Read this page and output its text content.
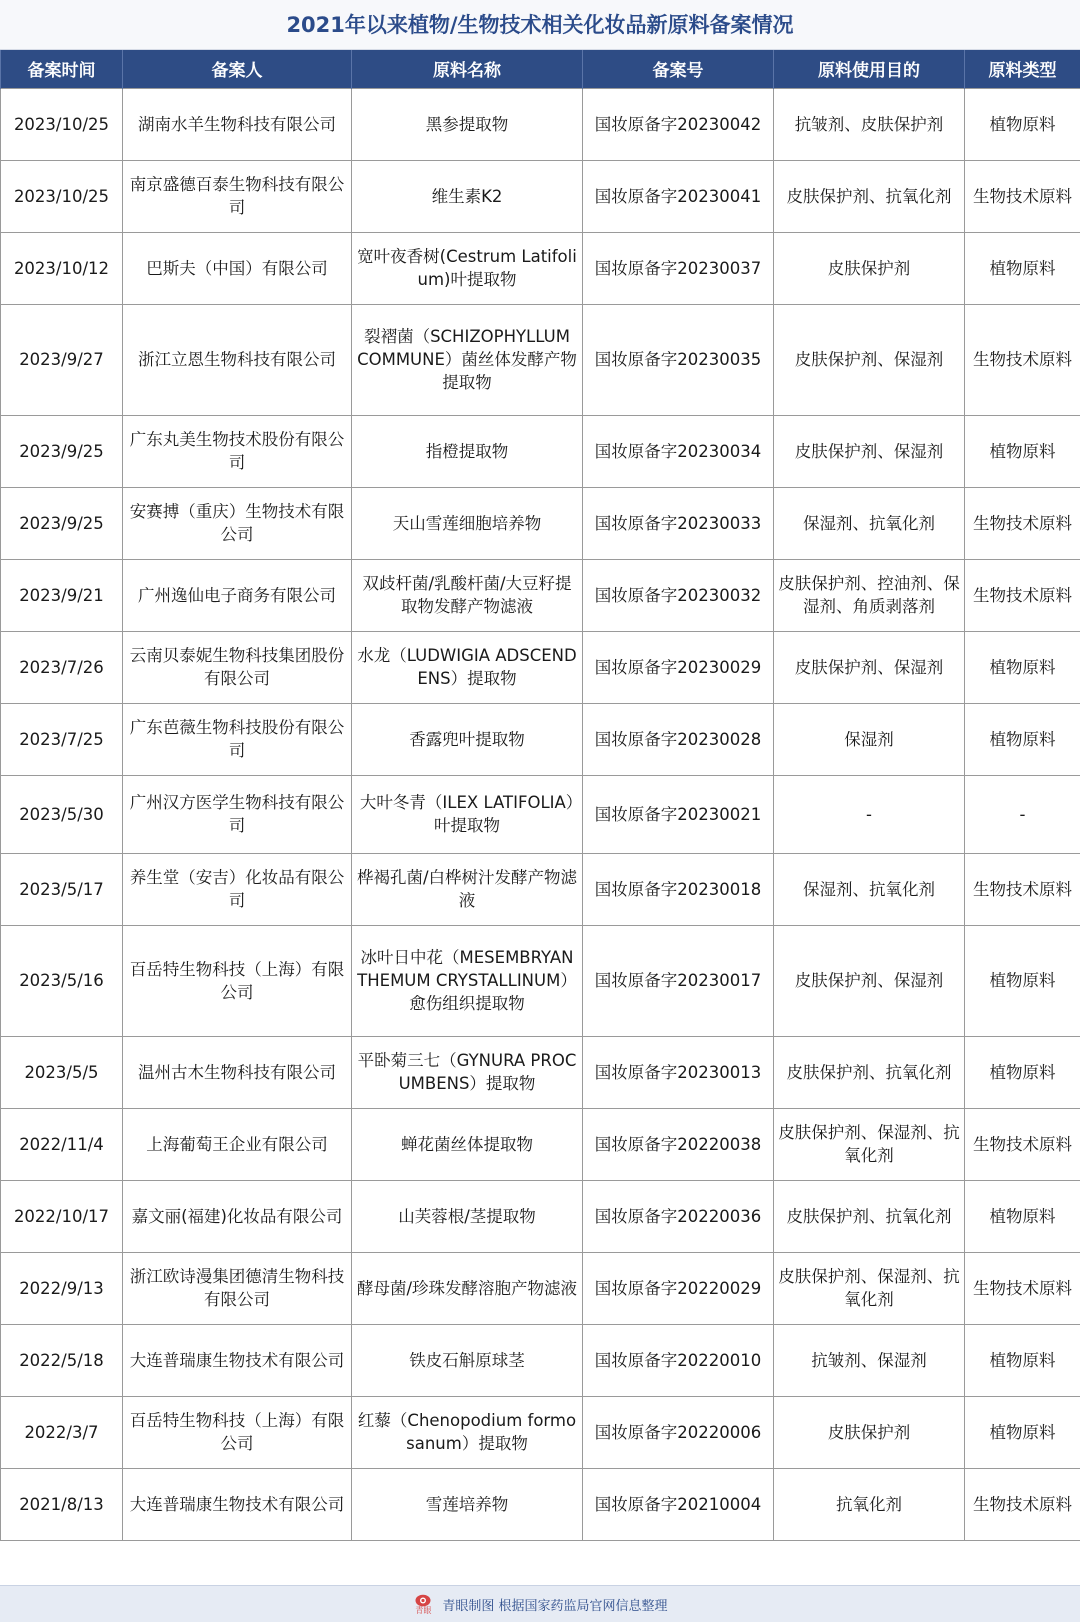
2021年以来植物/生物技术相关化妆品新原料备案情况
备案时间	备案人	原料名称	备案号	原料使用目的	原料类型
2023/10/25	湖南水羊生物科技有限公司	黑参提取物	国妆原备字20230042	抗皱剂、皮肤保护剂	植物原料
2023/10/25	南京盛德百泰生物科技有限公司	维生素K2	国妆原备字20230041	皮肤保护剂、抗氧化剂	生物技术原料
2023/10/12	巴斯夫（中国）有限公司	宽叶夜香树(Cestrum Latifolium)叶提取物	国妆原备字20230037	皮肤保护剂	植物原料
2023/9/27	浙江立恩生物科技有限公司	裂褶菌（SCHIZOPHYLLUM COMMUNE）菌丝体发酵产物提取物	国妆原备字20230035	皮肤保护剂、保湿剂	生物技术原料
2023/9/25	广东丸美生物技术股份有限公司	指橙提取物	国妆原备字20230034	皮肤保护剂、保湿剂	植物原料
2023/9/25	安赛搏（重庆）生物技术有限公司	天山雪莲细胞培养物	国妆原备字20230033	保湿剂、抗氧化剂	生物技术原料
2023/9/21	广州逸仙电子商务有限公司	双歧杆菌/乳酸杆菌/大豆籽提取物发酵产物滤液	国妆原备字20230032	皮肤保护剂、控油剂、保湿剂、角质剥落剂	生物技术原料
2023/7/26	云南贝泰妮生物科技集团股份有限公司	水龙（LUDWIGIA ADSCENDENS）提取物	国妆原备字20230029	皮肤保护剂、保湿剂	植物原料
2023/7/25	广东芭薇生物科技股份有限公司	香露兜叶提取物	国妆原备字20230028	保湿剂	植物原料
2023/5/30	广州汉方医学生物科技有限公司	大叶冬青（ILEX LATIFOLIA）叶提取物	国妆原备字20230021	-	-
2023/5/17	养生堂（安吉）化妆品有限公司	桦褐孔菌/白桦树汁发酵产物滤液	国妆原备字20230018	保湿剂、抗氧化剂	生物技术原料
2023/5/16	百岳特生物科技（上海）有限公司	冰叶日中花（MESEMBRYANTHEMUM CRYSTALLINUM）愈伤组织提取物	国妆原备字20230017	皮肤保护剂、保湿剂	植物原料
2023/5/5	温州古木生物科技有限公司	平卧菊三七（GYNURA PROCUMBENS）提取物	国妆原备字20230013	皮肤保护剂、抗氧化剂	植物原料
2022/11/4	上海葡萄王企业有限公司	蝉花菌丝体提取物	国妆原备字20220038	皮肤保护剂、保湿剂、抗氧化剂	生物技术原料
2022/10/17	嘉文丽(福建)化妆品有限公司	山芙蓉根/茎提取物	国妆原备字20220036	皮肤保护剂、抗氧化剂	植物原料
2022/9/13	浙江欧诗漫集团德清生物科技有限公司	酵母菌/珍珠发酵溶胞产物滤液	国妆原备字20220029	皮肤保护剂、保湿剂、抗氧化剂	生物技术原料
2022/5/18	大连普瑞康生物技术有限公司	铁皮石斛原球茎	国妆原备字20220010	抗皱剂、保湿剂	植物原料
2022/3/7	百岳特生物科技（上海）有限公司	红藜（Chenopodium formosanum）提取物	国妆原备字20220006	皮肤保护剂	植物原料
2021/8/13	大连普瑞康生物技术有限公司	雪莲培养物	国妆原备字20210004	抗氧化剂	生物技术原料
青眼 青眼制图 根据国家药监局官网信息整理
